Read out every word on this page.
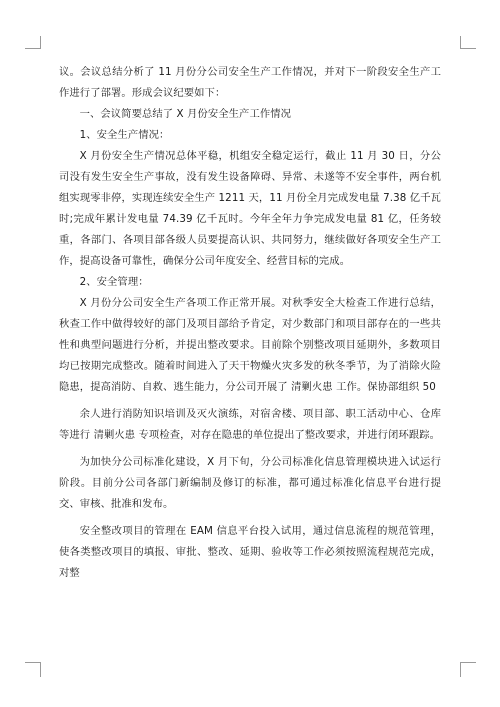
议。会议总结分析了 11 月份分公司安全生产工作情况，并对下一阶段安全生产工作进行了部署。形成会议纪要如下：

一、会议简要总结了 X 月份安全生产工作情况

1、安全生产情况：

X 月份安全生产情况总体平稳，机组安全稳定运行，截止 11 月 30 日，分公司没有发生安全生产事故，没有发生设备障碍、异常、未遂等不安全事件，两台机组实现零非停，实现连续安全生产 1211 天，11 月份全月完成发电量 7.38 亿千瓦时;完成年累计发电量 74.39 亿千瓦时。今年全年力争完成发电量 81 亿，任务较重，各部门、各项目部各级人员要提高认识、共同努力，继续做好各项安全生产工作，提高设备可靠性，确保分公司年度安全、经营目标的完成。

2、安全管理：

X 月份分公司安全生产各项工作正常开展。对秋季安全大检查工作进行总结，秋查工作中做得较好的部门及项目部给予肯定，对少数部门和项目部存在的一些共性和典型问题进行分析，并提出整改要求。目前除个别整改项目延期外，多数项目均已按期完成整改。随着时间进入了天干物燥火灾多发的秋冬季节，为了消除火险隐患，提高消防、自救、逃生能力，分公司开展了 清剿火患 工作。保协部组织 50

余人进行消防知识培训及灭火演练，对宿舍楼、项目部、职工活动中心、仓库等进行 清剿火患 专项检查，对存在隐患的单位提出了整改要求，并进行闭环跟踪。

为加快分公司标准化建设，X 月下旬，分公司标准化信息管理模块进入试运行阶段。目前分公司各部门新编制及修订的标准，都可通过标准化信息平台进行提交、审核、批准和发布。

安全整改项目的管理在 EAM 信息平台投入试用，通过信息流程的规范管理，使各类整改项目的填报、审批、整改、延期、验收等工作必须按照流程规范完成，对整
